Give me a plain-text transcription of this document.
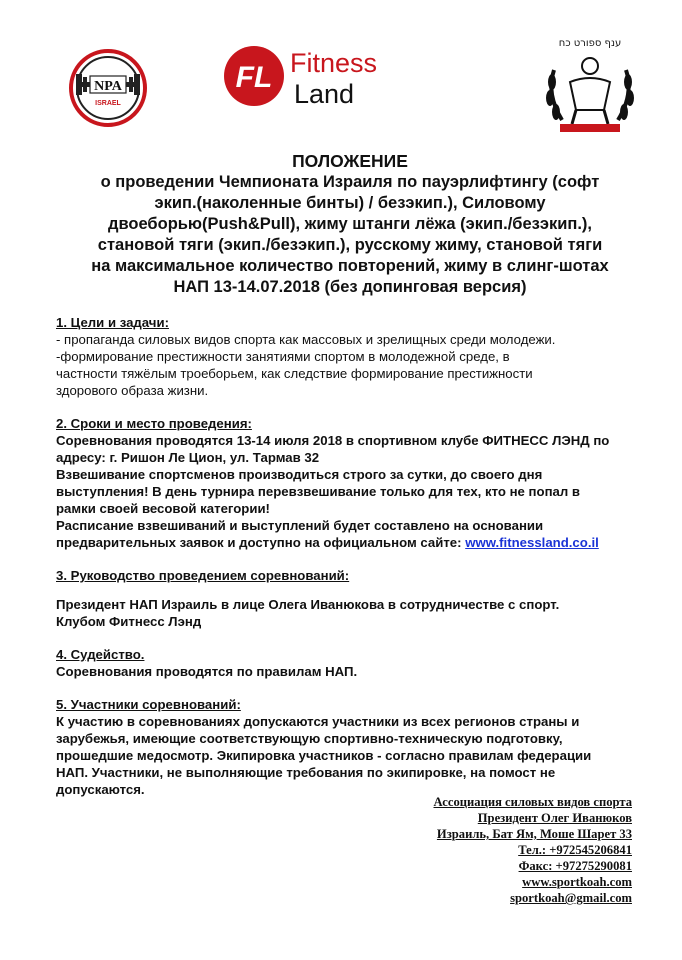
NPA
ISRAEL
FL Fitness
Land
ענף ספורט כח

ПОЛОЖЕНИЕ

о проведении Чемпионата Израиля по пауэрлифтингу (софт

экип.(наколенные бинты) / безэкип.), Силовому

двоеборью(Push&Pull), жиму штанги лёжа (экип./безэкип.),

становой тяги (экип./безэкип.), русскому жиму, становой тяги

на максимальное количество повторений, жиму в слинг-шотах

НАП 13-14.07.2018 (без допинговая версия)

1. Цели и задачи:

- пропаганда силовых видов спорта как массовых и зрелищных среди молодежи.

-формирование престижности занятиями спортом в молодежной среде, в

частности тяжёлым троеборьем, как следствие формирование престижности

здорового образа жизни.

2. Сроки и место проведения:

Соревнования проводятся 13-14 июля 2018 в спортивном клубе ФИТНЕСС ЛЭНД по

адресу: г. Ришон Ле Цион, ул. Тармав 32

Взвешивание спортсменов производиться строго за сутки, до своего дня

выступления! В день турнира перевзвешивание только для тех, кто не попал в

рамки своей весовой категории!

Расписание взвешиваний и выступлений будет составлено на основании

предварительных заявок и доступно на официальном сайте: www.fitnessland.co.il

3. Руководство проведением соревнований:

Президент НАП Израиль в лице Олега Иванюкова в сотрудничестве с спорт.

Клубом Фитнесс Лэнд

4. Судейство.

Соревнования проводятся по правилам НАП.

5. Участники соревнований:

К участию в соревнованиях допускаются участники из всех регионов страны и

зарубежья, имеющие соответствующую спортивно-техническую подготовку,

прошедшие медосмотр. Экипировка участников - согласно правилам федерации

НАП. Участники, не выполняющие требования по экипировке, на помост не

допускаются.

Ассоциация силовых видов спорта
Президент Олег Иванюков
Израиль, Бат Ям, Моше Шарет 33
Тел.: +972545206841
Факс: +97275290081
www.sportkoah.com
sportkoah@gmail.com
